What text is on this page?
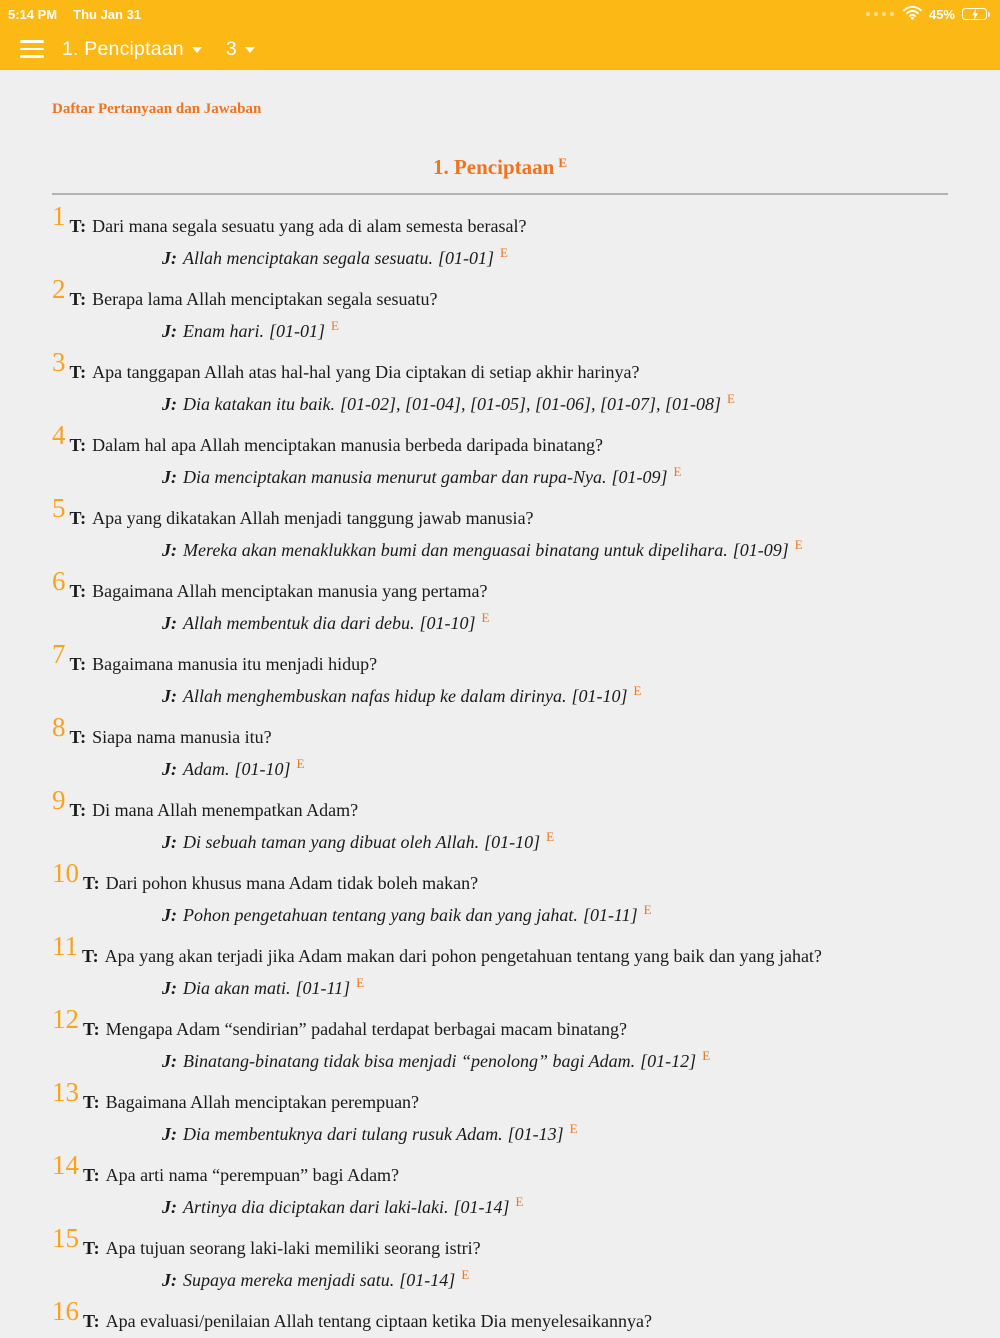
5:14 PM Thu Jan 31	45%
1. Penciptaan 3
Daftar Pertanyaan dan Jawaban
1. Penciptaan $^E$
1 T: Dari mana segala sesuatu yang ada di alam semesta berasal?
J: Allah menciptakan segala sesuatu. [01-01] $^E$
2 T: Berapa lama Allah menciptakan segala sesuatu?
J: Enam hari. [01-01] $^E$
3 T: Apa tanggapan Allah atas hal-hal yang Dia ciptakan di setiap akhir harinya?
J: Dia katakan itu baik. [01-02], [01-04], [01-05], [01-06], [01-07], [01-08] $^E$
4 T: Dalam hal apa Allah menciptakan manusia berbeda daripada binatang?
J: Dia menciptakan manusia menurut gambar dan rupa-Nya. [01-09] $^E$
5 T: Apa yang dikatakan Allah menjadi tanggung jawab manusia?
J: Mereka akan menaklukkan bumi dan menguasai binatang untuk dipelihara. [01-09] $^E$
6 T: Bagaimana Allah menciptakan manusia yang pertama?
J: Allah membentuk dia dari debu. [01-10] $^E$
7 T: Bagaimana manusia itu menjadi hidup?
J: Allah menghembuskan nafas hidup ke dalam dirinya. [01-10] $^E$
8 T: Siapa nama manusia itu?
J: Adam. [01-10] $^E$
9 T: Di mana Allah menempatkan Adam?
J: Di sebuah taman yang dibuat oleh Allah. [01-10] $^E$
10 T: Dari pohon khusus mana Adam tidak boleh makan?
J: Pohon pengetahuan tentang yang baik dan yang jahat. [01-11] $^E$
11 T: Apa yang akan terjadi jika Adam makan dari pohon pengetahuan tentang yang baik dan yang jahat?
J: Dia akan mati. [01-11] $^E$
12 T: Mengapa Adam “sendirian” padahal terdapat berbagai macam binatang?
J: Binatang-binatang tidak bisa menjadi “penolong” bagi Adam. [01-12] $^E$
13 T: Bagaimana Allah menciptakan perempuan?
J: Dia membentuknya dari tulang rusuk Adam. [01-13] $^E$
14 T: Apa arti nama “perempuan” bagi Adam?
J: Artinya dia diciptakan dari laki-laki. [01-14] $^E$
15 T: Apa tujuan seorang laki-laki memiliki seorang istri?
J: Supaya mereka menjadi satu. [01-14] $^E$
16 T: Apa evaluasi/penilaian Allah tentang ciptaan ketika Dia menyelesaikannya?
